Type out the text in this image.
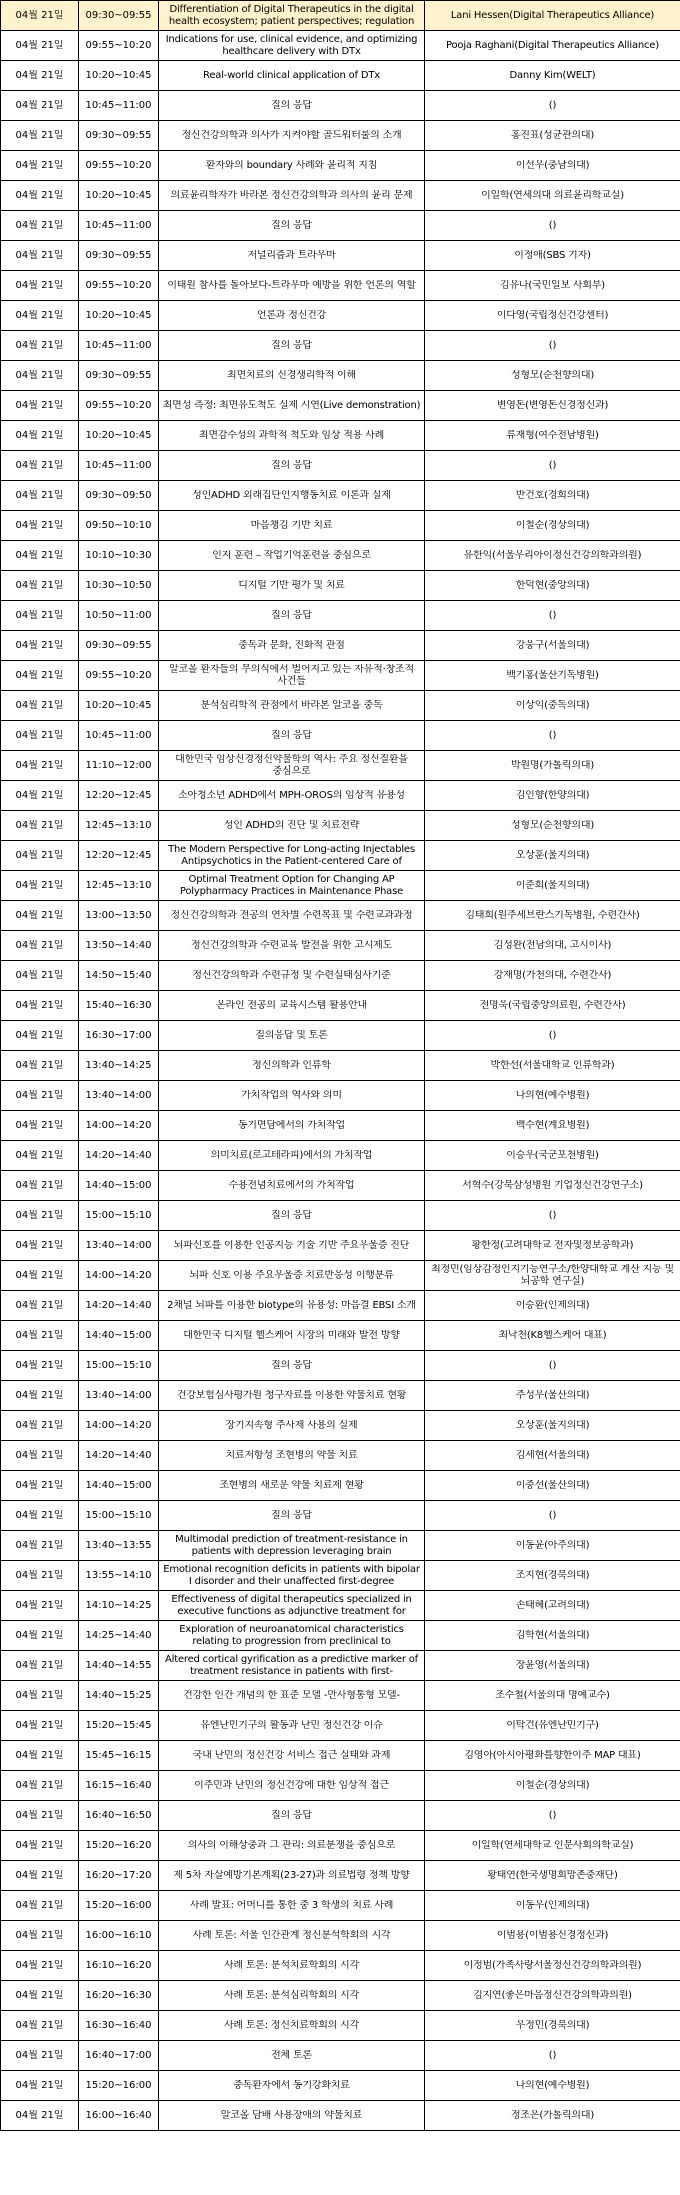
04월 21일	09:30~09:55	Differentiation of Digital Therapeutics in the digital health ecosystem; patient perspectives; regulation	Lani Hessen(Digital Therapeutics Alliance)

04월 21일	09:55~10:20	Indications for use, clinical evidence, and optimizing healthcare delivery with DTx	Pooja Raghani(Digital Therapeutics Alliance)

04월 21일	10:20~10:45	Real-world clinical application of DTx	Danny Kim(WELT)

04월 21일	10:45~11:00	질의 응답	()

04월 21일	09:30~09:55	정신건강의학과 의사가 지켜야할 골드워터룰의 소개	홍진표(성균관의대)

04월 21일	09:55~10:20	환자와의 boundary 사례와 윤리적 지침	이선우(충남의대)

04월 21일	10:20~10:45	의료윤리학자가 바라본 정신건강의학과 의사의 윤리 문제	이일학(연세의대 의료윤리학교실)

04월 21일	10:45~11:00	질의 응답	()

04월 21일	09:30~09:55	저널리즘과 트라우마	이정애(SBS 기자)

04월 21일	09:55~10:20	이태원 참사를 돌아보다-트라우마 예방을 위한 언론의 역할	김유나(국민일보 사회부)

04월 21일	10:20~10:45	언론과 정신건강	이다영(국립정신건강센터)

04월 21일	10:45~11:00	질의 응답	()

04월 21일	09:30~09:55	최면치료의 신경생리학적 이해	성형모(순천향의대)

04월 21일	09:55~10:20	최면성 측정: 최면유도척도 실제 시연(Live demonstration)	변영돈(변영돈신경정신과)

04월 21일	10:20~10:45	최면감수성의 과학적 척도와 임상 적용 사례	류재형(여수전남병원)

04월 21일	10:45~11:00	질의 응답	()

04월 21일	09:30~09:50	성인ADHD 외래집단인지행동치료 이론과 실제	반건호(경희의대)

04월 21일	09:50~10:10	마음챙김 기반 치료	이철순(경상의대)

04월 21일	10:10~10:30	인지 훈련 – 작업기억훈련을 중심으로	유한익(서울우리아이정신건강의학과의원)

04월 21일	10:30~10:50	디지털 기반 평가 및 치료	한덕현(중앙의대)

04월 21일	10:50~11:00	질의 응답	()

04월 21일	09:30~09:55	중독과 문화, 진화적 관점	강웅구(서울의대)

04월 21일	09:55~10:20	알코올 환자들의 무의식에서 벌어지고 있는 자유적·창조적 사건들	백기홍(울산기독병원)

04월 21일	10:20~10:45	분석심리학적 관점에서 바라본 알코올 중독	이상익(중독의대)

04월 21일	10:45~11:00	질의 응답	()

04월 21일	11:10~12:00	대한민국 임상신경정신약물학의 역사: 주요 정신질환을 중심으로	박원명(가톨릭의대)

04월 21일	12:20~12:45	소아청소년 ADHD에서 MPH-OROS의 임상적 유용성	김인향(한양의대)

04월 21일	12:45~13:10	성인 ADHD의 진단 및 치료전략	성형모(순천향의대)

04월 21일	12:20~12:45	The Modern Perspective for Long-acting Injectables Antipsychotics in the Patient-centered Care of	오상훈(울지의대)

04월 21일	12:45~13:10	Optimal Treatment Option for Changing AP Polypharmacy Practices in Maintenance Phase	이준희(울지의대)

04월 21일	13:00~13:50	정신건강의학과 전공의 연차별 수련목표 및 수련교과과정	김태희(원주세브란스기독병원, 수련간사)

04월 21일	13:50~14:40	정신건강의학과 수련교육 발전을 위한 고시제도	김성완(전남의대, 고시이사)

04월 21일	14:50~15:40	정신건강의학과 수련규정 및 수련실태심사기준	강재명(가천의대, 수련간사)

04월 21일	15:40~16:30	온라인 전공의 교육시스템 활용안내	전명욱(국립중앙의료원, 수련간사)

04월 21일	16:30~17:00	질의응답 및 토론	()

04월 21일	13:40~14:25	정신의학과 인류학	박한선(서울대학교 인류학과)

04월 21일	13:40~14:00	가치작업의 역사와 의미	나의현(예수병원)

04월 21일	14:00~14:20	동기면담에서의 가치작업	백수현(계요병원)

04월 21일	14:20~14:40	의미치료(로고테라피)에서의 가치작업	이승우(국군포천병원)

04월 21일	14:40~15:00	수용전념치료에서의 가치작업	서혁수(강북삼성병원 기업정신건강연구소)

04월 21일	15:00~15:10	질의 응답	()

04월 21일	13:40~14:00	뇌파신호를 이용한 인공지능 기술 기반 주요우울증 진단	황한정(고려대학교 전자및정보공학과)

04월 21일	14:00~14:20	뇌파 신호 이용 주요우울증 치료반응성 이행분류	최정민(임상감정인지기능연구소/한양대학교 계산 지능 및 뇌공학 연구실)

04월 21일	14:20~14:40	2채널 뇌파를 이용한 biotype의 유용성: 마음결 EBSI 소개	이승환(인제의대)

04월 21일	14:40~15:00	대한민국 디지털 헬스케어 시장의 미래와 발전 방향	최낙천(K8헬스케어 대표)

04월 21일	15:00~15:10	질의 응답	()

04월 21일	13:40~14:00	건강보험심사평가원 청구자료를 이용한 약물치료 현황	주성우(울산의대)

04월 21일	14:00~14:20	장기지속형 주사제 사용의 실제	오상훈(울지의대)

04월 21일	14:20~14:40	치료저항성 조현병의 약물 치료	김세현(서울의대)

04월 21일	14:40~15:00	조현병의 새로운 약물 치료제 현황	이중선(울산의대)

04월 21일	15:00~15:10	질의 응답	()

04월 21일	13:40~13:55	Multimodal prediction of treatment-resistance in patients with depression leveraging brain	이동윤(아주의대)

04월 21일	13:55~14:10	Emotional recognition deficits in patients with bipolar I disorder and their unaffected first-degree	조지현(경북의대)

04월 21일	14:10~14:25	Effectiveness of digital therapeutics specialized in executive functions as adjunctive treatment for	손태혜(고려의대)

04월 21일	14:25~14:40	Exploration of neuroanatomical characteristics relating to progression from preclinical to	김학현(서울의대)

04월 21일	14:40~14:55	Altered cortical gyrification as a predictive marker of treatment resistance in patients with first-	장윤영(서울의대)

04월 21일	14:40~15:25	건강한 인간 개념의 한 표준 모델 -만사형통형 모델-	조수철(서울의대 명예교수)

04월 21일	15:20~15:45	유엔난민기구의 활동과 난민 정신건강 이슈	이탁건(유엔난민기구)

04월 21일	15:45~16:15	국내 난민의 정신건강 서비스 접근 실태와 과제	김영아(아시아평화를향한이주 MAP 대표)

04월 21일	16:15~16:40	이주민과 난민의 정신건강에 대한 임상적 접근	이철순(경상의대)

04월 21일	16:40~16:50	질의 응답	()

04월 21일	15:20~16:20	의사의 이해상충과 그 관리: 의료분쟁을 중심으로	이일학(연세대학교 인문사회의학교실)

04월 21일	16:20~17:20	제 5차 자살예방기본계획(23-27)과 의료법령 정책 방향	황태연(한국생명회망존중재단)

04월 21일	15:20~16:00	사례 발표: 어머니를 통한 중 3 학생의 치료 사례	이동우(인제의대)

04월 21일	16:00~16:10	사례 토론: 서울 인간관계 정신분석학회의 시각	이범용(이범용신경정신과)

04월 21일	16:10~16:20	사례 토론: 분석치료학회의 시각	이정범(가족사랑서울정신건강의학과의원)

04월 21일	16:20~16:30	사례 토론: 분석심리학회의 시각	김지연(좋은마음정신건강의학과의원)

04월 21일	16:30~16:40	사례 토론: 정신치료학회의 시각	우정민(경북의대)

04월 21일	16:40~17:00	전체 토론	()

04월 21일	15:20~16:00	중독환자에서 동기강화치료	나의현(예수병원)

04월 21일	16:00~16:40	알코올 담배 사용장애의 약물치료	정조은(가톨릭의대)
